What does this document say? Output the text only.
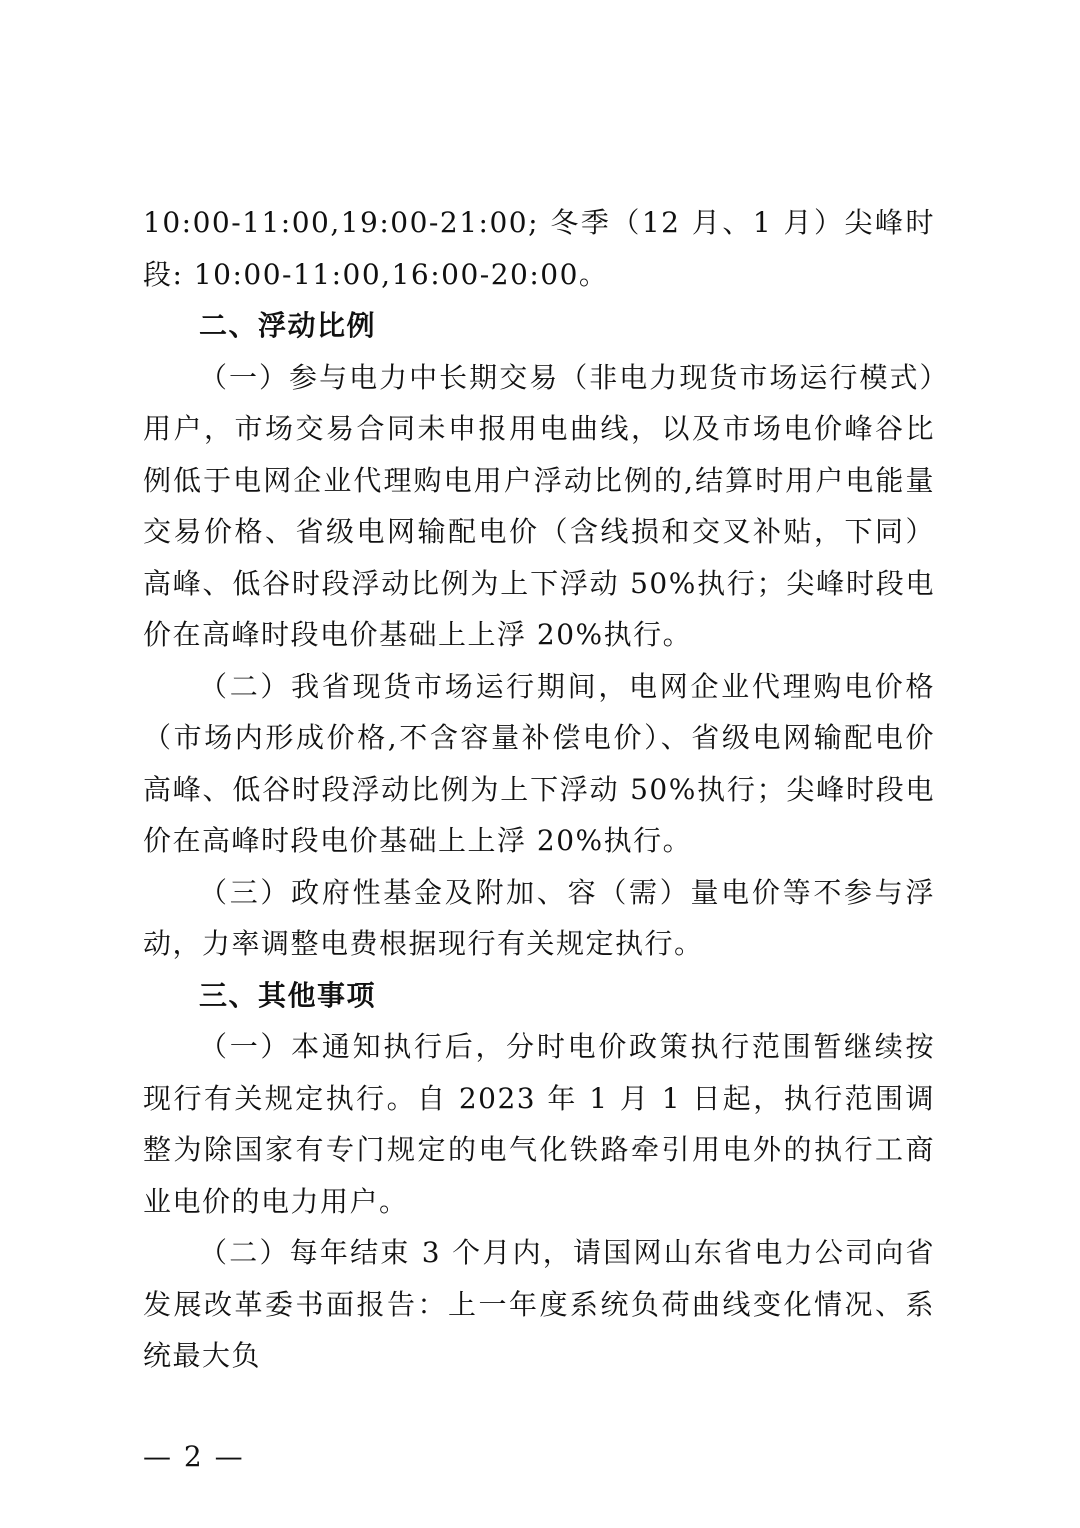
10:00-11:00,19:00-21:00; 冬季（12 月、1 月）尖峰时段: 10:00-11:00,16:00-20:00。

二、浮动比例

（一）参与电力中长期交易（非电力现货市场运行模式）用户，市场交易合同未申报用电曲线，以及市场电价峰谷比例低于电网企业代理购电用户浮动比例的,结算时用户电能量交易价格、省级电网输配电价（含线损和交叉补贴，下同）高峰、低谷时段浮动比例为上下浮动 50%执行；尖峰时段电价在高峰时段电价基础上上浮 20%执行。

（二）我省现货市场运行期间，电网企业代理购电价格（市场内形成价格,不含容量补偿电价）、省级电网输配电价高峰、低谷时段浮动比例为上下浮动 50%执行；尖峰时段电价在高峰时段电价基础上上浮 20%执行。

（三）政府性基金及附加、容（需）量电价等不参与浮动，力率调整电费根据现行有关规定执行。

三、其他事项

（一）本通知执行后，分时电价政策执行范围暂继续按现行有关规定执行。自 2023 年 1 月 1 日起，执行范围调整为除国家有专门规定的电气化铁路牵引用电外的执行工商业电价的电力用户。

（二）每年结束 3 个月内，请国网山东省电力公司向省发展改革委书面报告：上一年度系统负荷曲线变化情况、系统最大负

— 2 —
